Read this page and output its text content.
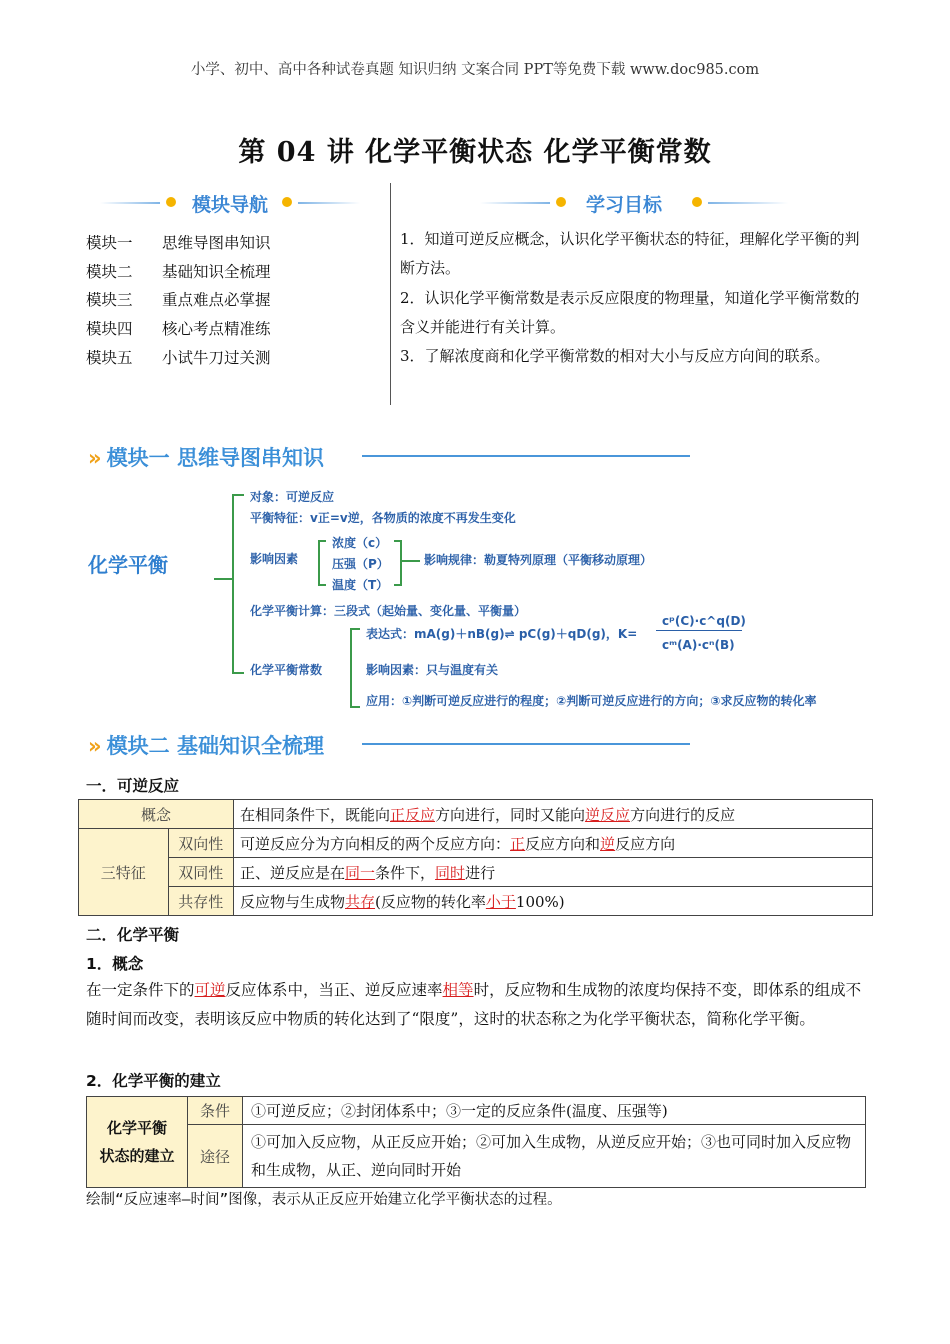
小学、初中、高中各种试卷真题 知识归纳 文案合同 PPT等免费下载 www.doc985.com
第 04 讲 化学平衡状态 化学平衡常数
模块导航	学习目标
模块一 思维导图串知识
模块二 基础知识全梳理
模块三 重点难点必掌握
模块四 核心考点精准练
模块五 小试牛刀过关测
1．知道可逆反应概念，认识化学平衡状态的特征，理解化学平衡的判断方法。
2．认识化学平衡常数是表示反应限度的物理量，知道化学平衡常数的含义并能进行有关计算。
3．了解浓度商和化学平衡常数的相对大小与反应方向间的联系。
» 模块一 思维导图串知识
化学平衡
对象：可逆反应
平衡特征：v正=v逆，各物质的浓度不再发生变化
影响因素
浓度（c）
压强（P）
温度（T）
影响规律：勒夏特列原理（平衡移动原理）
化学平衡计算：三段式（起始量、变化量、平衡量）
化学平衡常数
表达式：mA(g)＋nB(g)⇌ pC(g)＋qD(g)，K=
cᵖ(C)·c^q(D)
cᵐ(A)·cⁿ(B)
影响因素：只与温度有关
应用：①判断可逆反应进行的程度；②判断可逆反应进行的方向；③求反应物的转化率
» 模块二 基础知识全梳理
一．可逆反应
概念		在相同条件下，既能向正反应方向进行，同时又能向逆反应方向进行的反应
三特征	双向性	可逆反应分为方向相反的两个反应方向：正反应方向和逆反应方向
	双同性	正、逆反应是在同一条件下，同时进行
	共存性	反应物与生成物共存(反应物的转化率小于100%)
二．化学平衡
1．概念
在一定条件下的可逆反应体系中，当正、逆反应速率相等时，反应物和生成物的浓度均保持不变，即体系的组成不随时间而改变，表明该反应中物质的转化达到了“限度”，这时的状态称之为化学平衡状态，简称化学平衡。
2．化学平衡的建立
化学平衡
状态的建立	条件	①可逆反应；②封闭体系中；③一定的反应条件(温度、压强等)
	途径	①可加入反应物，从正反应开始；②可加入生成物，从逆反应开始；③也可同时加入反应物和生成物，从正、逆向同时开始
绘制“反应速率—时间”图像，表示从正反应开始建立化学平衡状态的过程。
